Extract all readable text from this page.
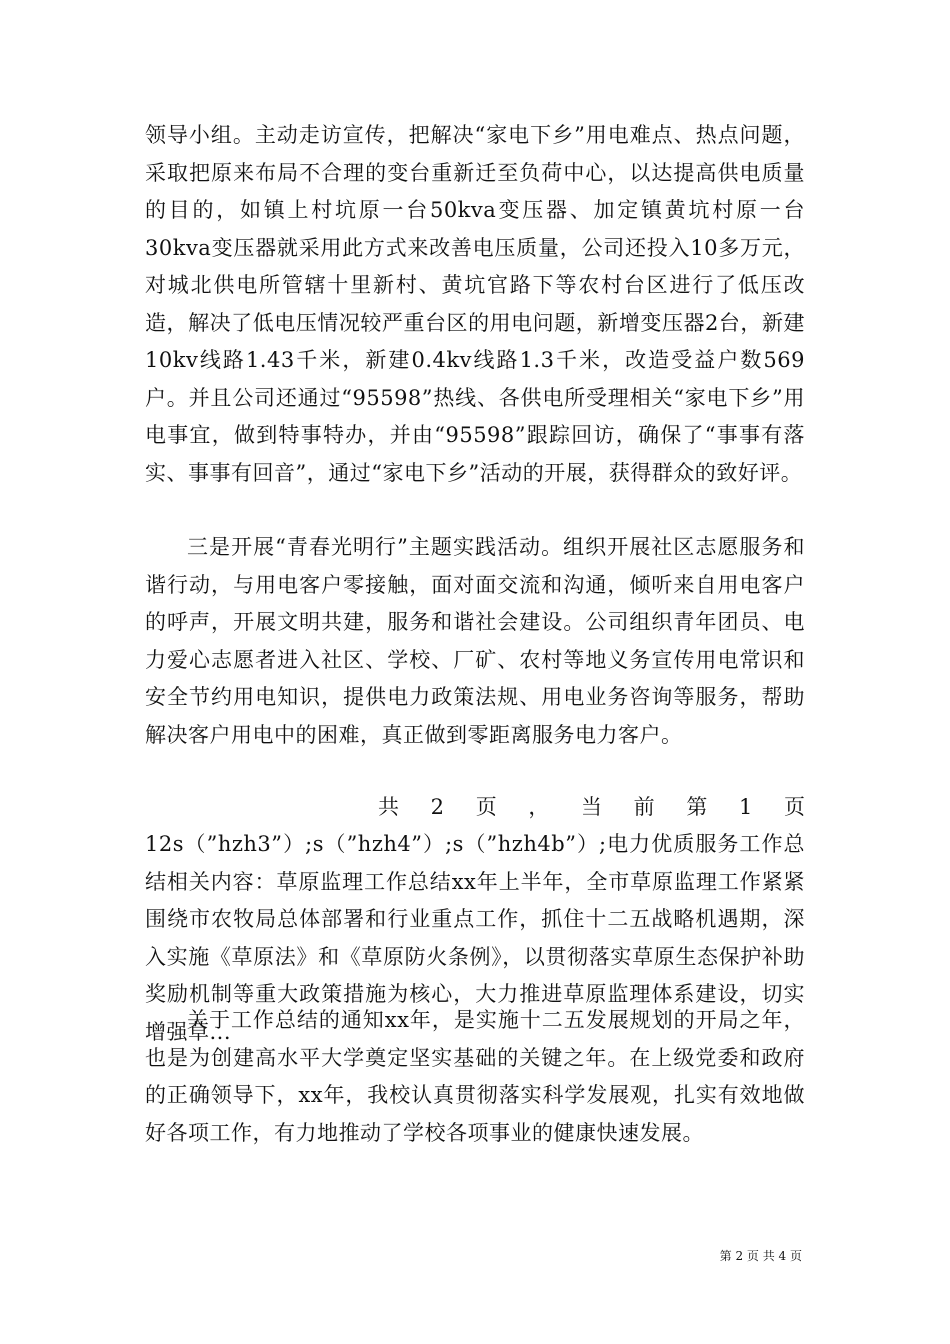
领导小组。主动走访宣传，把解决“家电下乡”用电难点、热点问题，采取把原来布局不合理的变台重新迁至负荷中心，以达提高供电质量的目的，如镇上村坑原一台50kva变压器、加定镇黄坑村原一台30kva变压器就采用此方式来改善电压质量，公司还投入10多万元，对城北供电所管辖十里新村、黄坑官路下等农村台区进行了低压改造，解决了低电压情况较严重台区的用电问题，新增变压器2台，新建10kv线路1.43千米，新建0.4kv线路1.3千米，改造受益户数569户。并且公司还通过“95598”热线、各供电所受理相关“家电下乡”用电事宜，做到特事特办，并由“95598”跟踪回访，确保了“事事有落实、事事有回音”，通过“家电下乡”活动的开展，获得群众的致好评。

三是开展“青春光明行”主题实践活动。组织开展社区志愿服务和谐行动，与用电客户零接触，面对面交流和沟通，倾听来自用电客户的呼声，开展文明共建，服务和谐社会建设。公司组织青年团员、电力爱心志愿者进入社区、学校、厂矿、农村等地义务宣传用电常识和安全节约用电知识，提供电力政策法规、用电业务咨询等服务，帮助解决客户用电中的困难，真正做到零距离服务电力客户。

共 2 页 ， 当 前 第 1 页

12s（”hzh3”）;s（”hzh4”）;s（”hzh4b”）;电力优质服务工作总结相关内容：草原监理工作总结xx年上半年，全市草原监理工作紧紧围绕市农牧局总体部署和行业重点工作，抓住十二五战略机遇期，深入实施《草原法》和《草原防火条例》，以贯彻落实草原生态保护补助奖励机制等重大政策措施为核心，大力推进草原监理体系建设，切实增强草...

关于工作总结的通知xx年，是实施十二五发展规划的开局之年，也是为创建高水平大学奠定坚实基础的关键之年。在上级党委和政府的正确领导下，xx年，我校认真贯彻落实科学发展观，扎实有效地做好各项工作，有力地推动了学校各项事业的健康快速发展。

第 2 页 共 4 页
